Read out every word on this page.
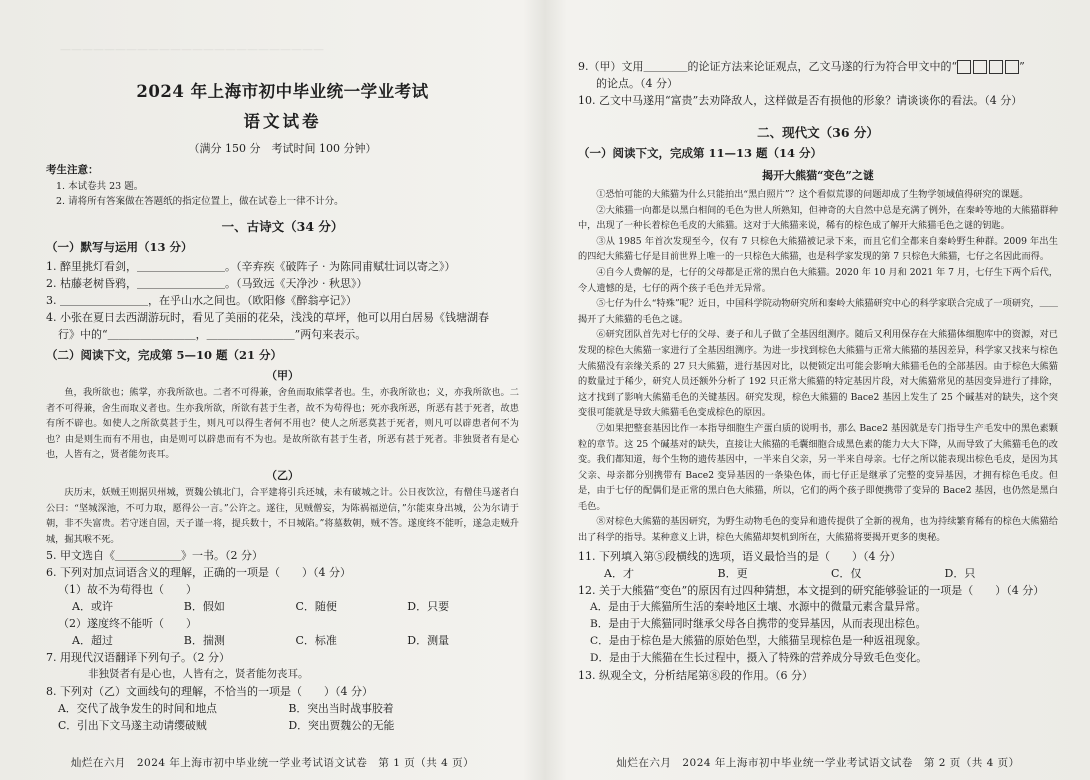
————————————————————————
2024 年上海市初中毕业统一学业考试
语文试卷
（满分 150 分　考试时间 100 分钟）
考生注意：
1. 本试卷共 23 题。
2. 请将所有答案做在答题纸的指定位置上，做在试卷上一律不计分。
一、古诗文（34 分）
（一）默写与运用（13 分）

1. 醉里挑灯看剑，＿＿＿＿＿＿＿＿。（辛弃疾《破阵子 · 为陈同甫赋壮词以寄之》）

2. 枯藤老树昏鸦，＿＿＿＿＿＿＿＿。（马致远《天净沙 · 秋思》）

3. ＿＿＿＿＿＿＿＿，在乎山水之间也。（欧阳修《醉翁亭记》）

4. 小张在夏日去西湖游玩时，看见了美丽的花朵，浅浅的草坪，他可以用白居易《钱塘湖春

行》中的“＿＿＿＿＿＿＿＿，＿＿＿＿＿＿＿＿”两句来表示。

（二）阅读下文，完成第 5—10 题（21 分）
（甲）

鱼，我所欲也；熊掌，亦我所欲也。二者不可得兼，舍鱼而取熊掌者也。生，亦我所欲也；义，亦我所欲也。二者不可得兼，舍生而取义者也。生亦我所欲，所欲有甚于生者，故不为苟得也；死亦我所恶，所恶有甚于死者，故患有所不辟也。如使人之所欲莫甚于生，则凡可以得生者何不用也？使人之所恶莫甚于死者，则凡可以辟患者何不为也？由是则生而有不用也，由是则可以辟患而有不为也。是故所欲有甚于生者，所恶有甚于死者。非独贤者有是心也，人皆有之，贤者能勿丧耳。

（乙）

庆历末，妖贼王则据贝州城，贾魏公镇北门，合平建将引兵还城，未有破城之计。公日夜饮泣，有僧佳马遂者白公曰：“坚城深池，不可力取，愿得公一言。”公许之。遂往，见贼僧妄，为陈祸福逆信，”尔能束身出城，公为尔请于朝，非不失富贵。若守迷自固，天子谨一将，提兵数十，不日城陷。”将墓数朝，贼不答。遂度终不能听，遂急走贼升城，掘其喉不死。

5. 甲文选自《＿＿＿＿＿＿》一书。（2 分）

6. 下列对加点词语含义的理解，正确的一项是（　　）（4 分）

（1）故不为苟得也（　　）

A．或许	B．假如	C．随便	D．只要

（2）遂度终不能听（　　）

A．超过	B．揣测	C．标准	D．测量

7. 用现代汉语翻译下列句子。（2 分）

非独贤者有是心也，人皆有之，贤者能勿丧耳。

8. 下列对（乙）文画线句的理解，不恰当的一项是（　　）（4 分）

A．交代了战争发生的时间和地点	B．突出当时战事胶着
C．引出下文马遂主动请缨破贼	D．突出贾魏公的无能
灿烂在六月　2024 年上海市初中毕业统一学业考试语文试卷　第 1 页（共 4 页）

9.（甲）文用＿＿＿＿的论证方法来论证观点，乙文马遂的行为符合甲文中的“	”

的论点。（4 分）

10. 乙文中马遂用“富贵”去劝降敌人，这样做是否有损他的形象？请谈谈你的看法。（4 分）

二、现代文（36 分）
（一）阅读下文，完成第 11—13 题（14 分）
揭开大熊猫“变色”之谜

①恐怕可能的大熊猫为什么只能拍出“黑白照片”？这个看似荒谬的问题却成了生物学领域值得研究的课题。

②大熊猫一向都是以黑白相间的毛色为世人所熟知，但神奇的大自然中总是充满了例外，在秦岭等地的大熊猫群种中，出现了一种长着棕色毛皮的大熊猫。这对于大熊猫来说，稀有的棕色成了解开大熊猫毛色之谜的钥匙。

③从 1985 年首次发现至今，仅有 7 只棕色大熊猫被记录下来，而且它们全都来自秦岭野生种群。2009 年出生的四纪大熊猫七仔是目前世界上唯一的一只棕色大熊猫，也是科学家发现的第 7 只棕色大熊猫，七仔之名因此而得。

④自今人费解的是，七仔的父母都是正常的黑白色大熊猫。2020 年 10 月和 2021 年 7 月，七仔生下两个后代，令人遗憾的是，七仔的两个孩子毛色并无异常。

⑤七仔为什么“特殊”呢？近日，中国科学院动物研究所和秦岭大熊猫研究中心的科学家联合完成了一项研究，＿＿揭开了大熊猫的毛色之谜。

⑥研究团队首先对七仔的父母、妻子和儿子做了全基因组测序。随后又利用保存在大熊猫体细胞库中的资源，对已发现的棕色大熊猫一家进行了全基因组测序。为进一步找到棕色大熊猫与正常大熊猫的基因差异，科学家又找来与棕色大熊猫没有亲缘关系的 27 只大熊猫，进行基因对比，以便锁定出可能会影响大熊猫毛色的全部基因。由于棕色大熊猫的数量过于稀少，研究人员还额外分析了 192 只正常大熊猫的特定基因片段，对大熊猫常见的基因变异进行了排除，这才找到了影响大熊猫毛色的关键基因。研究发现，棕色大熊猫的 Bace2 基因上发生了 25 个碱基对的缺失，这个突变很可能就是导致大熊猫毛色变成棕色的原因。

⑦如果把整套基因比作一本指导细胞生产蛋白质的说明书，那么 Bace2 基因就是专门指导生产毛发中的黑色素颗粒的章节。这 25 个碱基对的缺失，直接让大熊猫的毛囊细胞合成黑色素的能力大大下降，从而导致了大熊猫毛色的改变。我们都知道，每个生物的遗传基因中，一半来自父亲，另一半来自母亲。七仔之所以能表现出棕色毛皮，是因为其父亲、母亲都分别携带有 Bace2 变异基因的一条染色体，而七仔正是继承了完整的变异基因，才拥有棕色毛皮。但是，由于七仔的配偶们是正常的黑白色大熊猫，所以，它们的两个孩子即便携带了变异的 Bace2 基因，也仍然是黑白毛色。

⑧对棕色大熊猫的基因研究，为野生动物毛色的变异和遗传提供了全新的视角，也为持续繁育稀有的棕色大熊猫给出了科学的指导。某种意义上讲，棕色大熊猫却契机到所在，大熊猫将要揭开更多的奥秘。

11. 下列填入第⑤段横线的选项，语义最恰当的是（　　）（4 分）

A．才	B．更	C．仅	D．只

12. 关于大熊猫“变色”的原因有过四种猜想，本文提到的研究能够验证的一项是（　　）（4 分）

A．是由于大熊猫所生活的秦岭地区土壤、水源中的微量元素含量异常。

B．是由于大熊猫同时继承父母各自携带的变异基因，从而表现出棕色。

C．是由于棕色是大熊猫的原始色型，大熊猫呈现棕色是一种返祖现象。

D．是由于大熊猫在生长过程中，摄入了特殊的营养成分导致毛色变化。

13. 纵观全文，分析结尾第⑧段的作用。（6 分）

灿烂在六月　2024 年上海市初中毕业统一学业考试语文试卷　第 2 页（共 4 页）
